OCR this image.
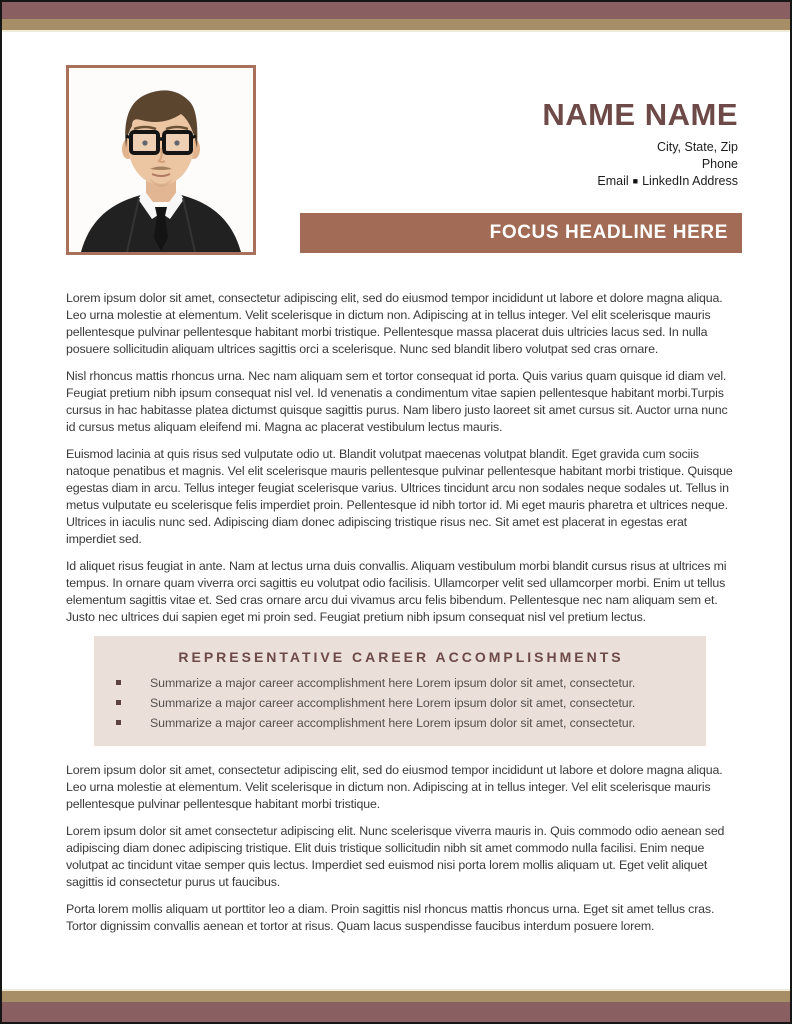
NAME NAME
City, State, Zip
Phone
Email ■ LinkedIn Address
FOCUS HEADLINE HERE

Lorem ipsum dolor sit amet, consectetur adipiscing elit, sed do eiusmod tempor incididunt ut labore et dolore magna aliqua. Leo urna molestie at elementum. Velit scelerisque in dictum non. Adipiscing at in tellus integer. Vel elit scelerisque mauris pellentesque pulvinar pellentesque habitant morbi tristique. Pellentesque massa placerat duis ultricies lacus sed. In nulla posuere sollicitudin aliquam ultrices sagittis orci a scelerisque. Nunc sed blandit libero volutpat sed cras ornare.

Nisl rhoncus mattis rhoncus urna. Nec nam aliquam sem et tortor consequat id porta. Quis varius quam quisque id diam vel. Feugiat pretium nibh ipsum consequat nisl vel. Id venenatis a condimentum vitae sapien pellentesque habitant morbi.Turpis cursus in hac habitasse platea dictumst quisque sagittis purus. Nam libero justo laoreet sit amet cursus sit. Auctor urna nunc id cursus metus aliquam eleifend mi. Magna ac placerat vestibulum lectus mauris.

Euismod lacinia at quis risus sed vulputate odio ut. Blandit volutpat maecenas volutpat blandit. Eget gravida cum sociis natoque penatibus et magnis. Vel elit scelerisque mauris pellentesque pulvinar pellentesque habitant morbi tristique. Quisque egestas diam in arcu. Tellus integer feugiat scelerisque varius. Ultrices tincidunt arcu non sodales neque sodales ut. Tellus in metus vulputate eu scelerisque felis imperdiet proin. Pellentesque id nibh tortor id. Mi eget mauris pharetra et ultrices neque. Ultrices in iaculis nunc sed. Adipiscing diam donec adipiscing tristique risus nec. Sit amet est placerat in egestas erat imperdiet sed.

Id aliquet risus feugiat in ante. Nam at lectus urna duis convallis. Aliquam vestibulum morbi blandit cursus risus at ultrices mi tempus. In ornare quam viverra orci sagittis eu volutpat odio facilisis. Ullamcorper velit sed ullamcorper morbi. Enim ut tellus elementum sagittis vitae et. Sed cras ornare arcu dui vivamus arcu felis bibendum. Pellentesque nec nam aliquam sem et. Justo nec ultrices dui sapien eget mi proin sed. Feugiat pretium nibh ipsum consequat nisl vel pretium lectus.

REPRESENTATIVE CAREER ACCOMPLISHMENTS
Summarize a major career accomplishment here Lorem ipsum dolor sit amet, consectetur.
Summarize a major career accomplishment here Lorem ipsum dolor sit amet, consectetur.
Summarize a major career accomplishment here Lorem ipsum dolor sit amet, consectetur.

Lorem ipsum dolor sit amet, consectetur adipiscing elit, sed do eiusmod tempor incididunt ut labore et dolore magna aliqua. Leo urna molestie at elementum. Velit scelerisque in dictum non. Adipiscing at in tellus integer. Vel elit scelerisque mauris pellentesque pulvinar pellentesque habitant morbi tristique.

Lorem ipsum dolor sit amet consectetur adipiscing elit. Nunc scelerisque viverra mauris in. Quis commodo odio aenean sed adipiscing diam donec adipiscing tristique. Elit duis tristique sollicitudin nibh sit amet commodo nulla facilisi. Enim neque volutpat ac tincidunt vitae semper quis lectus. Imperdiet sed euismod nisi porta lorem mollis aliquam ut. Eget velit aliquet sagittis id consectetur purus ut faucibus.

Porta lorem mollis aliquam ut porttitor leo a diam. Proin sagittis nisl rhoncus mattis rhoncus urna. Eget sit amet tellus cras. Tortor dignissim convallis aenean et tortor at risus. Quam lacus suspendisse faucibus interdum posuere lorem.
